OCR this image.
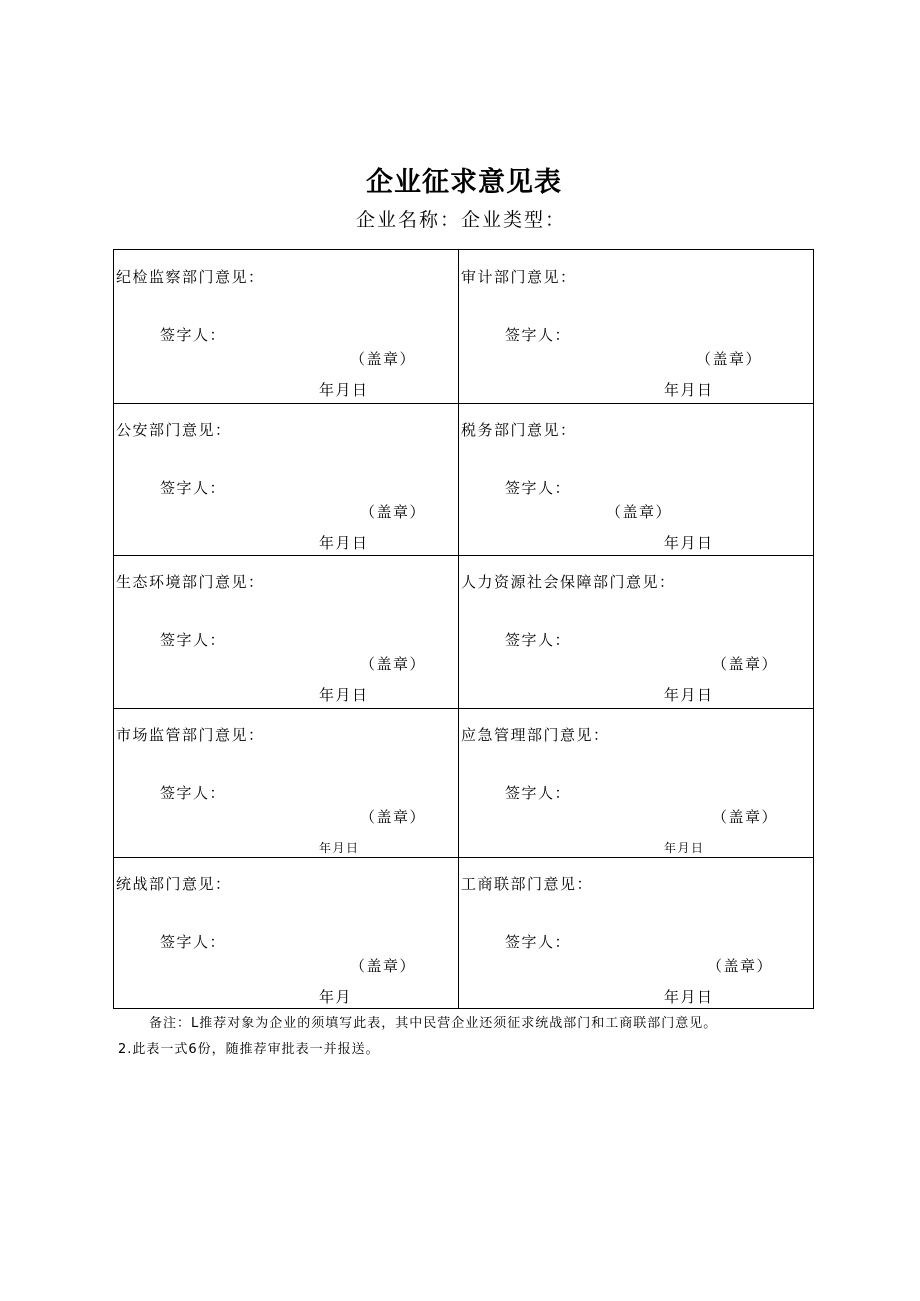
企业征求意见表
企业名称：企业类型：
纪检监察部门意见：
签字人：
（盖章）
年月日
审计部门意见：
签字人：
（盖章）
年月日
公安部门意见：
签字人：
（盖章）
年月日
税务部门意见：
签字人：
（盖章）
年月日
生态环境部门意见：
签字人：
（盖章）
年月日
人力资源社会保障部门意见：
签字人：
（盖章）
年月日
市场监管部门意见：
签字人：
（盖章）
年月日
应急管理部门意见：
签字人：
（盖章）
年月日
统战部门意见：
签字人：
（盖章）
年月
工商联部门意见：
签字人：
（盖章）
年月日
备注：L推荐对象为企业的须填写此表，其中民营企业还须征求统战部门和工商联部门意见。
2.此表一式6份，随推荐审批表一并报送。
